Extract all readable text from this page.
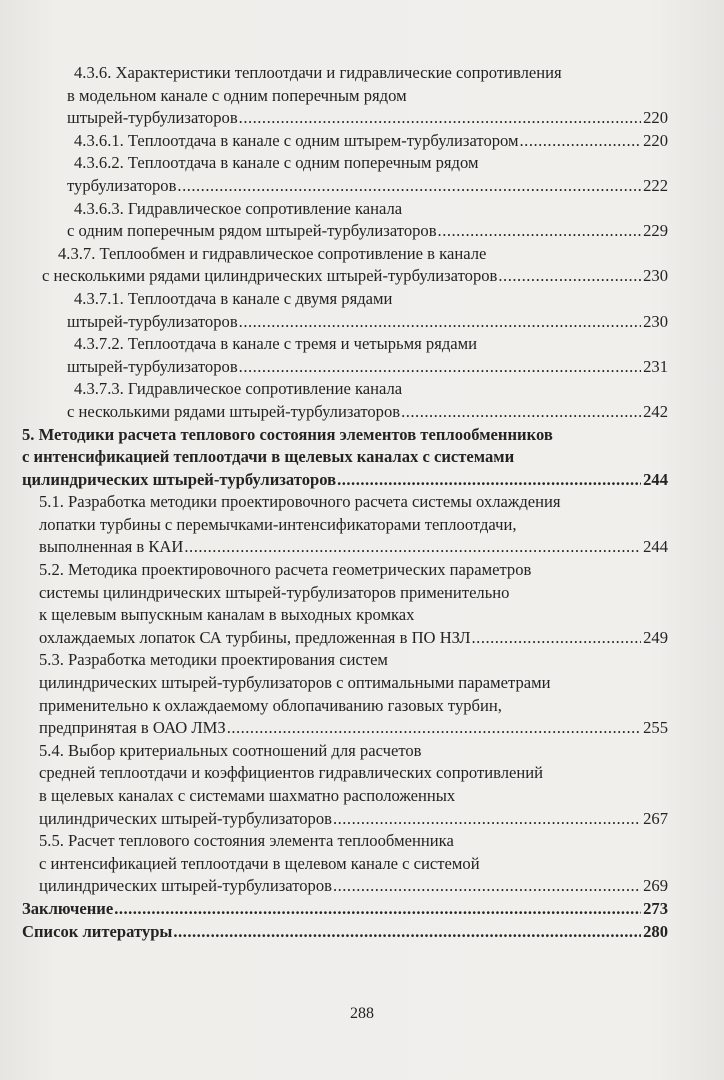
4.3.6. Характеристики теплоотдачи и гидравлические сопротивления
в модельном канале с одним поперечным рядом
штырей-турбулизаторов .....	220
4.3.6.1. Теплоотдача в канале с одним штырем-турбулизатором .....	220
4.3.6.2. Теплоотдача в канале с одним поперечным рядом
турбулизаторов .....	222
4.3.6.3. Гидравлическое сопротивление канала
с одним поперечным рядом штырей-турбулизаторов .....	229
4.3.7. Теплообмен и гидравлическое сопротивление в канале
с несколькими рядами цилиндрических штырей-турбулизаторов .....	230
4.3.7.1. Теплоотдача в канале с двумя рядами
штырей-турбулизаторов .....	230
4.3.7.2. Теплоотдача в канале с тремя и четырьмя рядами
штырей-турбулизаторов .....	231
4.3.7.3. Гидравлическое сопротивление канала
с несколькими рядами штырей-турбулизаторов .....	242
5. Методики расчета теплового состояния элементов теплообменников
с интенсификацией теплоотдачи в щелевых каналах с системами
цилиндрических штырей-турбулизаторов .....	244
5.1. Разработка методики проектировочного расчета системы охлаждения
лопатки турбины с перемычками-интенсификаторами теплоотдачи,
выполненная в КАИ .....	244
5.2. Методика проектировочного расчета геометрических параметров
системы цилиндрических штырей-турбулизаторов применительно
к щелевым выпускным каналам в выходных кромках
охлаждаемых лопаток СА турбины, предложенная в ПО НЗЛ .....	249
5.3. Разработка методики проектирования систем
цилиндрических штырей-турбулизаторов с оптимальными параметрами
применительно к охлаждаемому облопачиванию газовых турбин,
предпринятая в ОАО ЛМЗ .....	255
5.4. Выбор критериальных соотношений для расчетов
средней теплоотдачи и коэффициентов гидравлических сопротивлений
в щелевых каналах с системами шахматно расположенных
цилиндрических штырей-турбулизаторов .....	267
5.5. Расчет теплового состояния элемента теплообменника
с интенсификацией теплоотдачи в щелевом канале с системой
цилиндрических штырей-турбулизаторов .....	269
Заключение .....	273
Список литературы .....	280
288
